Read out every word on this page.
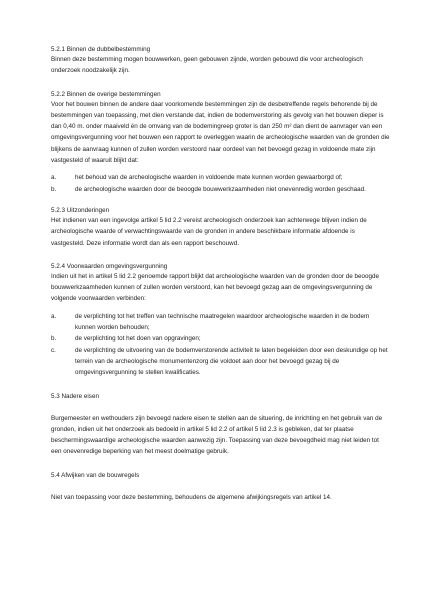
5.2.1 Binnen de dubbelbestemming

Binnen deze bestemming mogen bouwwerken, geen gebouwen zijnde, worden gebouwd die voor archeologisch onderzoek noodzakelijk zijn.

5.2.2 Binnen de overige bestemmingen

Voor het bouwen binnen de andere daar voorkomende bestemmingen zijn de desbetreffende regels behorende bij de bestemmingen van toepassing, met dien verstande dat, indien de bodemverstoring als gevolg van het bouwen dieper is dan 0,40 m. onder maaiveld én de omvang van de bodemingreep groter is dan 250 m² dan dient de aanvrager van een omgevingsvergunning voor het bouwen een rapport te overleggen waarin de archeologische waarden van de gronden die blijkens de aanvraag kunnen of zullen worden verstoord naar oordeel van het bevoegd gezag in voldoende mate zijn vastgesteld of waaruit blijkt dat:

a.	het behoud van de archeologische waarden in voldoende mate kunnen worden gewaarborgd of;
b.	de archeologische waarden door de beoogde bouwwerkzaamheden niet onevenredig worden geschaad.

5.2.3 Uitzonderingen

Het indienen van een ingevolge artikel 5 lid 2.2 vereist archeologisch onderzoek kan achterwege blijven indien de archeologische waarde of verwachtingswaarde van de gronden in andere beschikbare informatie afdoende is vastgesteld. Deze informatie wordt dan als een rapport beschouwd.

5.2.4 Voorwaarden omgevingsvergunning

Indien uit het in artikel 5 lid 2.2 genoemde rapport blijkt dat archeologische waarden van de gronden door de beoogde bouwwerkzaamheden kunnen of zullen worden verstoord, kan het bevoegd gezag aan de omgevingsvergunning de volgende voorwaarden verbinden:

a.	de verplichting tot het treffen van technische maatregelen waardoor archeologische waarden in de bodem kunnen worden behouden;
b.	de verplichting tot het doen van opgravingen;
c.	de verplichting de uitvoering van de bodemverstorende activiteit te laten begeleiden door een deskundige op het terrein van de archeologische monumentenzorg die voldoet aan door het bevoegd gezag bij de omgevingsvergunning te stellen kwalificaties.

5.3 Nadere eisen

Burgemeester en wethouders zijn bevoegd nadere eisen te stellen aan de situering, de inrichting en het gebruik van de gronden, indien uit het onderzoek als bedoeld in artikel 5 lid 2.2 of artikel 5 lid 2.3 is gebleken, dat ter plaatse beschermingswaardige archeologische waarden aanwezig zijn. Toepassing van deze bevoegdheid mag niet leiden tot een onevenredige beperking van het meest doelmatige gebruik.

5.4 Afwijken van de bouwregels

Niet van toepassing voor deze bestemming, behoudens de algemene afwijkingsregels van artikel 14.
